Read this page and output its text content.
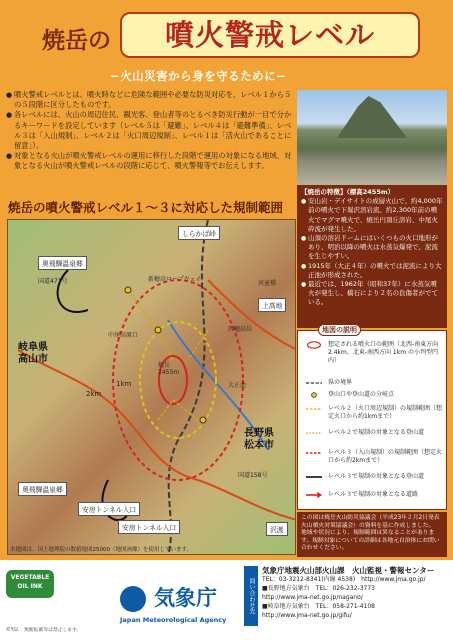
焼岳の	噴火警戒レベル
−火山災害から身を守るために−
● 噴火警戒レベルとは、噴火時などに危険な範囲や必要な防災対応を、レベル１から５の５段階に区分したものです。
● 各レベルには、火山の周辺住民、観光客、登山者等のとるべき防災行動が一目で分かるキーワードを設定しています（レベル５は「避難」、レベル４は「避難準備」、レベル３は「入山規制」、レベル２は「火口周辺規制」、レベル１は「活火山であることに留意」）。
● 対象となる火山が噴火警戒レベルの運用に移行した段階で運用の対象になる地域、対象となる火山が噴火警戒レベルの段階に応じて、噴火警報等でお伝えします。
【焼岳の特徴】（標高2455m）
● 安山岩・デイサイトの成層火山で、約4,000年前の噴火で下堀沢溶岩流、約2,300年前の噴火でマグマ噴火で、焼岳円頂丘溶岩、中尾火砕流が発生した。
● 山頂の溶岩ドームにはいくつもの火口地形があり、明治以降の噴火は水蒸気爆発で、泥流を生じやすい。
● 1915年（大正４年）の噴火では泥流により大正池が形成された。
● 最近では、1962年（昭和37年）に水蒸気噴火が発生し、橋石により２名の負傷者がでている。
焼岳の噴火警戒レベル１〜３に対応した規制範囲
奥飛騨温泉郷
奥飛騨温泉郷
上高地
岐阜県
高山市
長野県
松本市
しらかば峠
安房トンネル入口
安房トンネル入口	沢渡
1km
2km
国道471号
国道158号
中尾高原口
大正池
焼岳
2455m
西穂高岳
河童橋
新穂高ロープウェイ
本地図は、国土地理院の数値地図25000（地図画像）を使用しています。
地図の説明
想定される噴火口の範囲（北西-南東方向 2.4km、北東-南西方向 1km の小判型円内）
県の境界
登山口や登山道の分岐点
レベル２（火口周辺規制）の規制範囲（想定火口から約1kmまで）
レベル２で規制の対象となる登山道
レベル３（入山規制）の規制範囲（想定火口から約2kmまで）
レベル３で規制の対象となる登山道
レベル３で規制の対象となる道路
この図は焼岳火山防災協議会（平成23年２月2日発表火山噴火対策協議会）の資料を基に作成しました。
地域や状況により、規制範囲は異なることがあります。規制対象についての詳細は各地元自治体にお問い合わせください。
VEGETABLE OIL INK	気象庁
Japan Meteorological Agency
問い合わせ先
気象庁地震火山部火山課　火山監視・警報センター
TEL：03-3212-8341(内線 4538)　http://www.jma.go.jp/
■長野地方気象台　TEL：026-232-3773
http://www.jma-net.go.jp/nagano/
■岐阜地方気象台　TEL：058-271-4108
http://www.jma-net.go.jp/gifu/
©Y.U.　無断転載等は禁止します。
